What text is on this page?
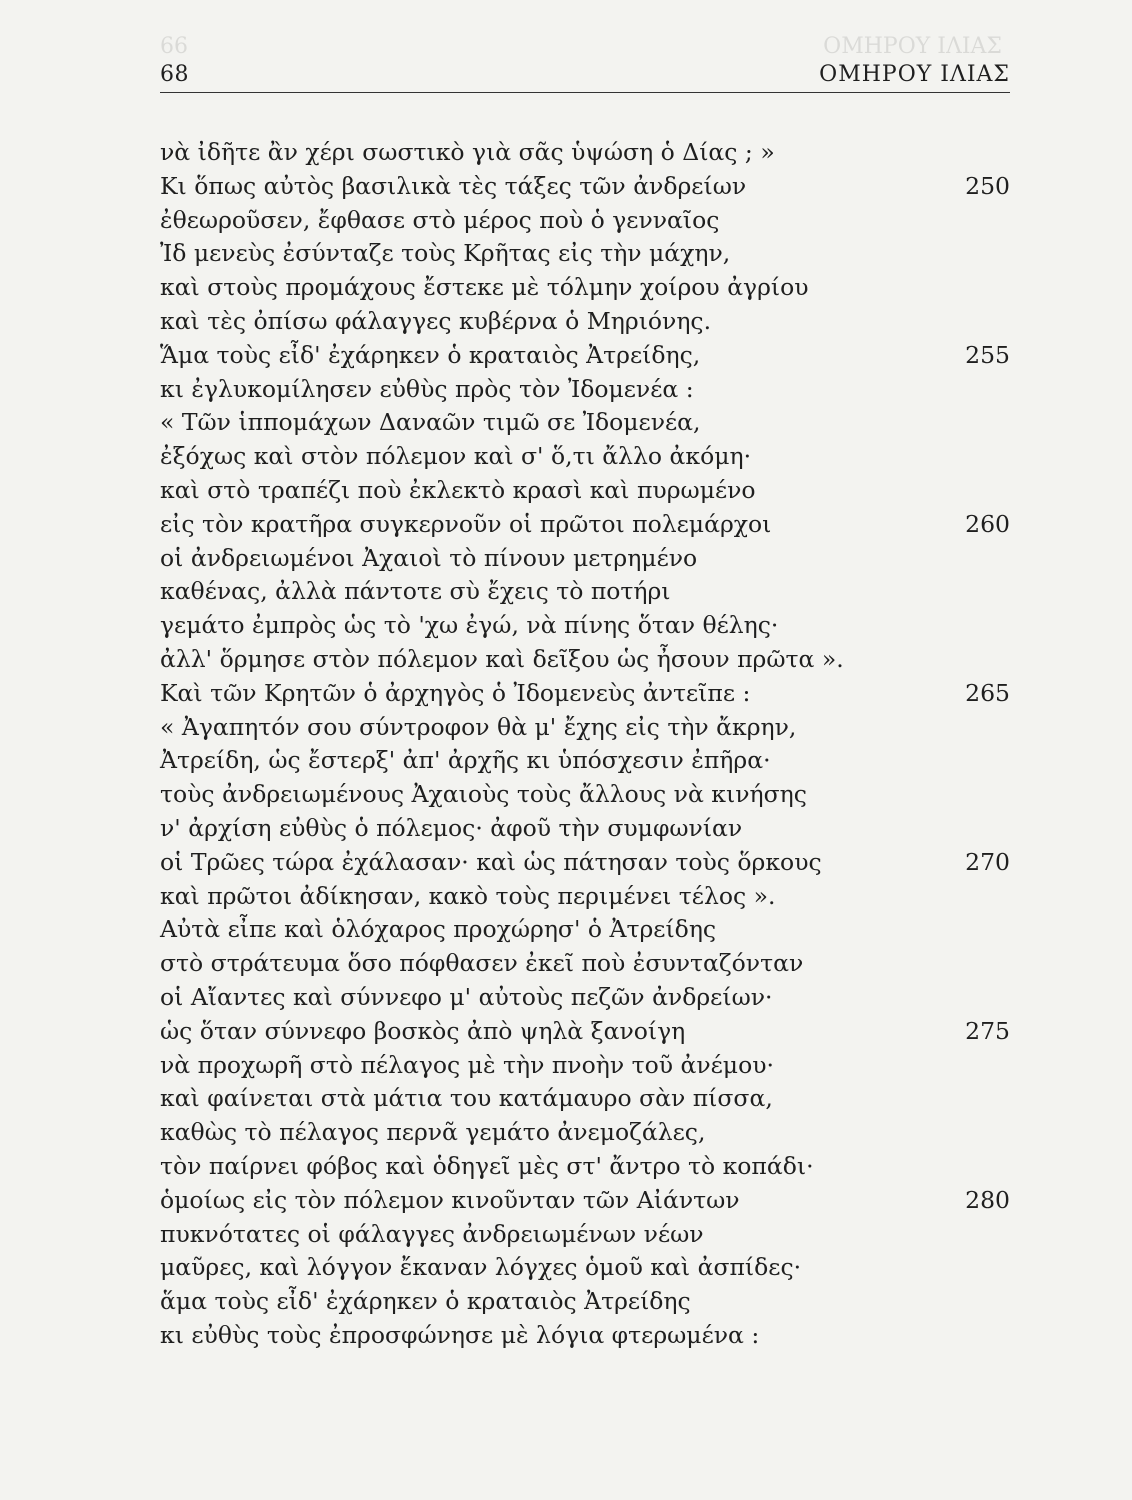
66	ΟΜΗΡΟΥ ΙΛΙΑΣ
68	ΟΜΗΡΟΥ ΙΛΙΑΣ
νὰ ἰδῆτε ἂν χέρι σωστικὸ γιὰ σᾶς ὑψώση ὁ Δίας ; »
Κι ὅπως αὐτὸς βασιλικὰ τὲς τάξες τῶν ἀνδρείων	250
ἐθεωροῦσεν, ἔφθασε στὸ μέρος ποὺ ὁ γενναῖος
Ἰδ μενεὺς ἐσύνταζε τοὺς Κρῆτας εἰς τὴν μάχην,
καὶ στοὺς προμάχους ἔστεκε μὲ τόλμην χοίρου ἀγρίου
καὶ τὲς ὀπίσω φάλαγγες κυβέρνα ὁ Μηριόνης.
Ἅμα τοὺς εἶδ' ἐχάρηκεν ὁ κραταιὸς Ἀτρείδης,	255
κι ἐγλυκομίλησεν εὐθὺς πρὸς τὸν Ἰδομενέα :
« Τῶν ἱππομάχων Δαναῶν τιμῶ σε Ἰδομενέα,
ἐξόχως καὶ στὸν πόλεμον καὶ σ' ὅ,τι ἄλλο ἀκόμη·
καὶ στὸ τραπέζι ποὺ ἐκλεκτὸ κρασὶ καὶ πυρωμένο
εἰς τὸν κρατῆρα συγκερνοῦν οἱ πρῶτοι πολεμάρχοι	260
οἱ ἀνδρειωμένοι Ἀχαιοὶ τὸ πίνουν μετρημένο
καθένας, ἀλλὰ πάντοτε σὺ ἔχεις τὸ ποτήρι
γεμάτο ἐμπρὸς ὡς τὸ 'χω ἐγώ, νὰ πίνης ὅταν θέλης·
ἀλλ' ὅρμησε στὸν πόλεμον καὶ δεῖξου ὡς ἦσουν πρῶτα ».
Καὶ τῶν Κρητῶν ὁ ἀρχηγὸς ὁ Ἰδομενεὺς ἀντεῖπε :	265
« Ἀγαπητόν σου σύντροφον θὰ μ' ἔχης εἰς τὴν ἄκρην,
Ἀτρείδη, ὡς ἔστερξ' ἀπ' ἀρχῆς κι ὑπόσχεσιν ἐπῆρα·
τοὺς ἀνδρειωμένους Ἀχαιοὺς τοὺς ἄλλους νὰ κινήσης
ν' ἀρχίση εὐθὺς ὁ πόλεμος· ἀφοῦ τὴν συμφωνίαν
οἱ Τρῶες τώρα ἐχάλασαν· καὶ ὡς πάτησαν τοὺς ὅρκους	270
καὶ πρῶτοι ἀδίκησαν, κακὸ τοὺς περιμένει τέλος ».
Αὐτὰ εἶπε καὶ ὁλόχαρος προχώρησ' ὁ Ἀτρείδης
στὸ στράτευμα ὅσο πόφθασεν ἐκεῖ ποὺ ἐσυνταζόνταν
οἱ Αἴαντες καὶ σύννεφο μ' αὐτοὺς πεζῶν ἀνδρείων·
ὡς ὅταν σύννεφο βοσκὸς ἀπὸ ψηλὰ ξανοίγη	275
νὰ προχωρῆ στὸ πέλαγος μὲ τὴν πνοὴν τοῦ ἀνέμου·
καὶ φαίνεται στὰ μάτια του κατάμαυρο σὰν πίσσα,
καθὼς τὸ πέλαγος περνᾶ γεμάτο ἀνεμοζάλες,
τὸν παίρνει φόβος καὶ ὁδηγεῖ μὲς στ' ἄντρο τὸ κοπάδι·
ὁμοίως εἰς τὸν πόλεμον κινοῦνταν τῶν Αἰάντων	280
πυκνότατες οἱ φάλαγγες ἀνδρειωμένων νέων
μαῦρες, καὶ λόγγον ἔκαναν λόγχες ὁμοῦ καὶ ἀσπίδες·
ἅμα τοὺς εἶδ' ἐχάρηκεν ὁ κραταιὸς Ἀτρείδης
κι εὐθὺς τοὺς ἐπροσφώνησε μὲ λόγια φτερωμένα :
